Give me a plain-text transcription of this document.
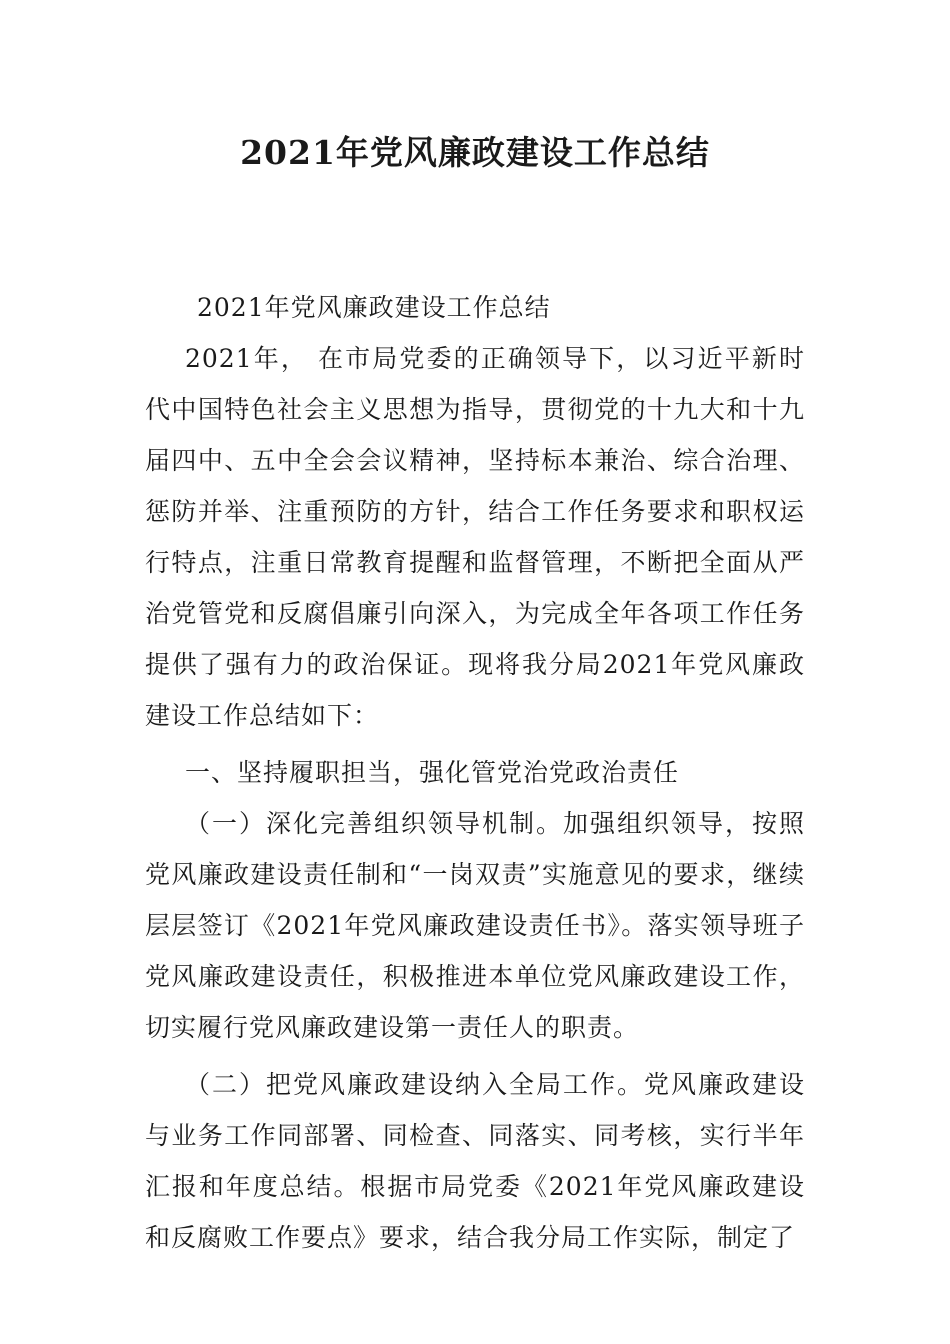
2021年党风廉政建设工作总结

2021年党风廉政建设工作总结

2021年， 在市局党委的正确领导下，以习近平新时代中国特色社会主义思想为指导，贯彻党的十九大和十九届四中、五中全会会议精神，坚持标本兼治、综合治理、惩防并举、注重预防的方针，结合工作任务要求和职权运行特点，注重日常教育提醒和监督管理，不断把全面从严治党管党和反腐倡廉引向深入，为完成全年各项工作任务提供了强有力的政治保证。现将我分局2021年党风廉政建设工作总结如下：

一、坚持履职担当，强化管党治党政治责任

（一）深化完善组织领导机制。加强组织领导，按照党风廉政建设责任制和“一岗双责”实施意见的要求，继续层层签订《2021年党风廉政建设责任书》。落实领导班子党风廉政建设责任，积极推进本单位党风廉政建设工作，切实履行党风廉政建设第一责任人的职责。

（二）把党风廉政建设纳入全局工作。党风廉政建设与业务工作同部署、同检查、同落实、同考核，实行半年汇报和年度总结。根据市局党委《2021年党风廉政建设和反腐败工作要点》要求，结合我分局工作实际，制定了
